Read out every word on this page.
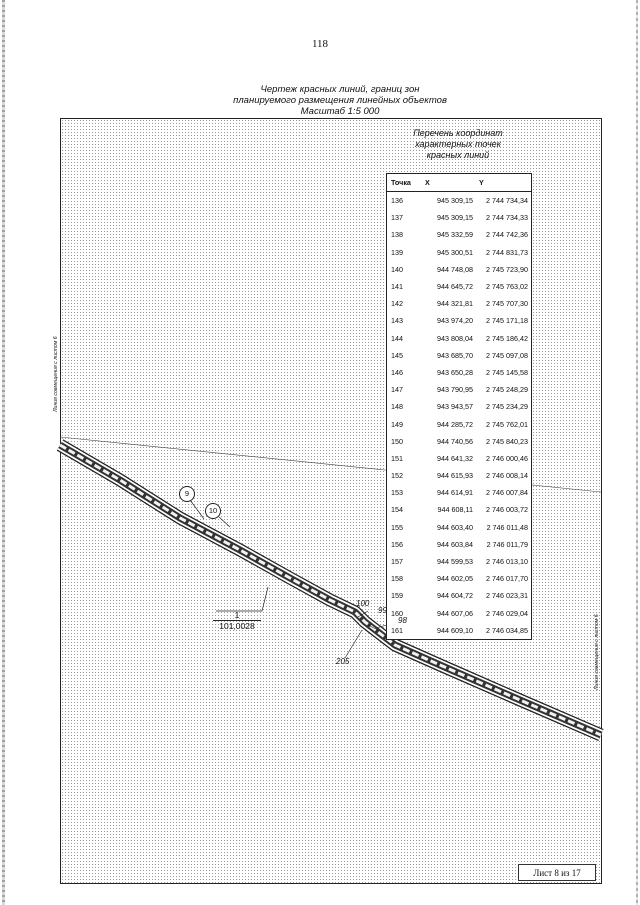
118
Чертеж красных линий, границ зон
планируемого размещения линейных объектов
Масштаб 1:5 000
Перечень координат
характерных точек
красных линий
Точка	X	Y
136	945 309,15	2 744 734,34
137	945 309,15	2 744 734,33
138	945 332,59	2 744 742,36
139	945 300,51	2 744 831,73
140	944 748,08	2 745 723,90
141	944 645,72	2 745 763,02
142	944 321,81	2 745 707,30
143	943 974,20	2 745 171,18
144	943 808,04	2 745 186,42
145	943 685,70	2 745 097,08
146	943 650,28	2 745 145,58
147	943 790,95	2 745 248,29
148	943 943,57	2 745 234,29
149	944 285,72	2 745 762,01
150	944 740,56	2 745 840,23
151	944 641,32	2 746 000,46
152	944 615,93	2 746 008,14
153	944 614,91	2 746 007,84
154	944 608,11	2 746 003,72
155	944 603,40	2 746 011,48
156	944 603,84	2 746 011,79
157	944 599,53	2 746 013,10
158	944 602,05	2 746 017,70
159	944 604,72	2 746 023,31
160	944 607,06	2 746 029,04
161	944 609,10	2 746 034,85
9
10
1
101,0028
100
99
98
205
Линия совмещения с листом 6
Линия совмещения с листом 6
Лист 8 из 17
